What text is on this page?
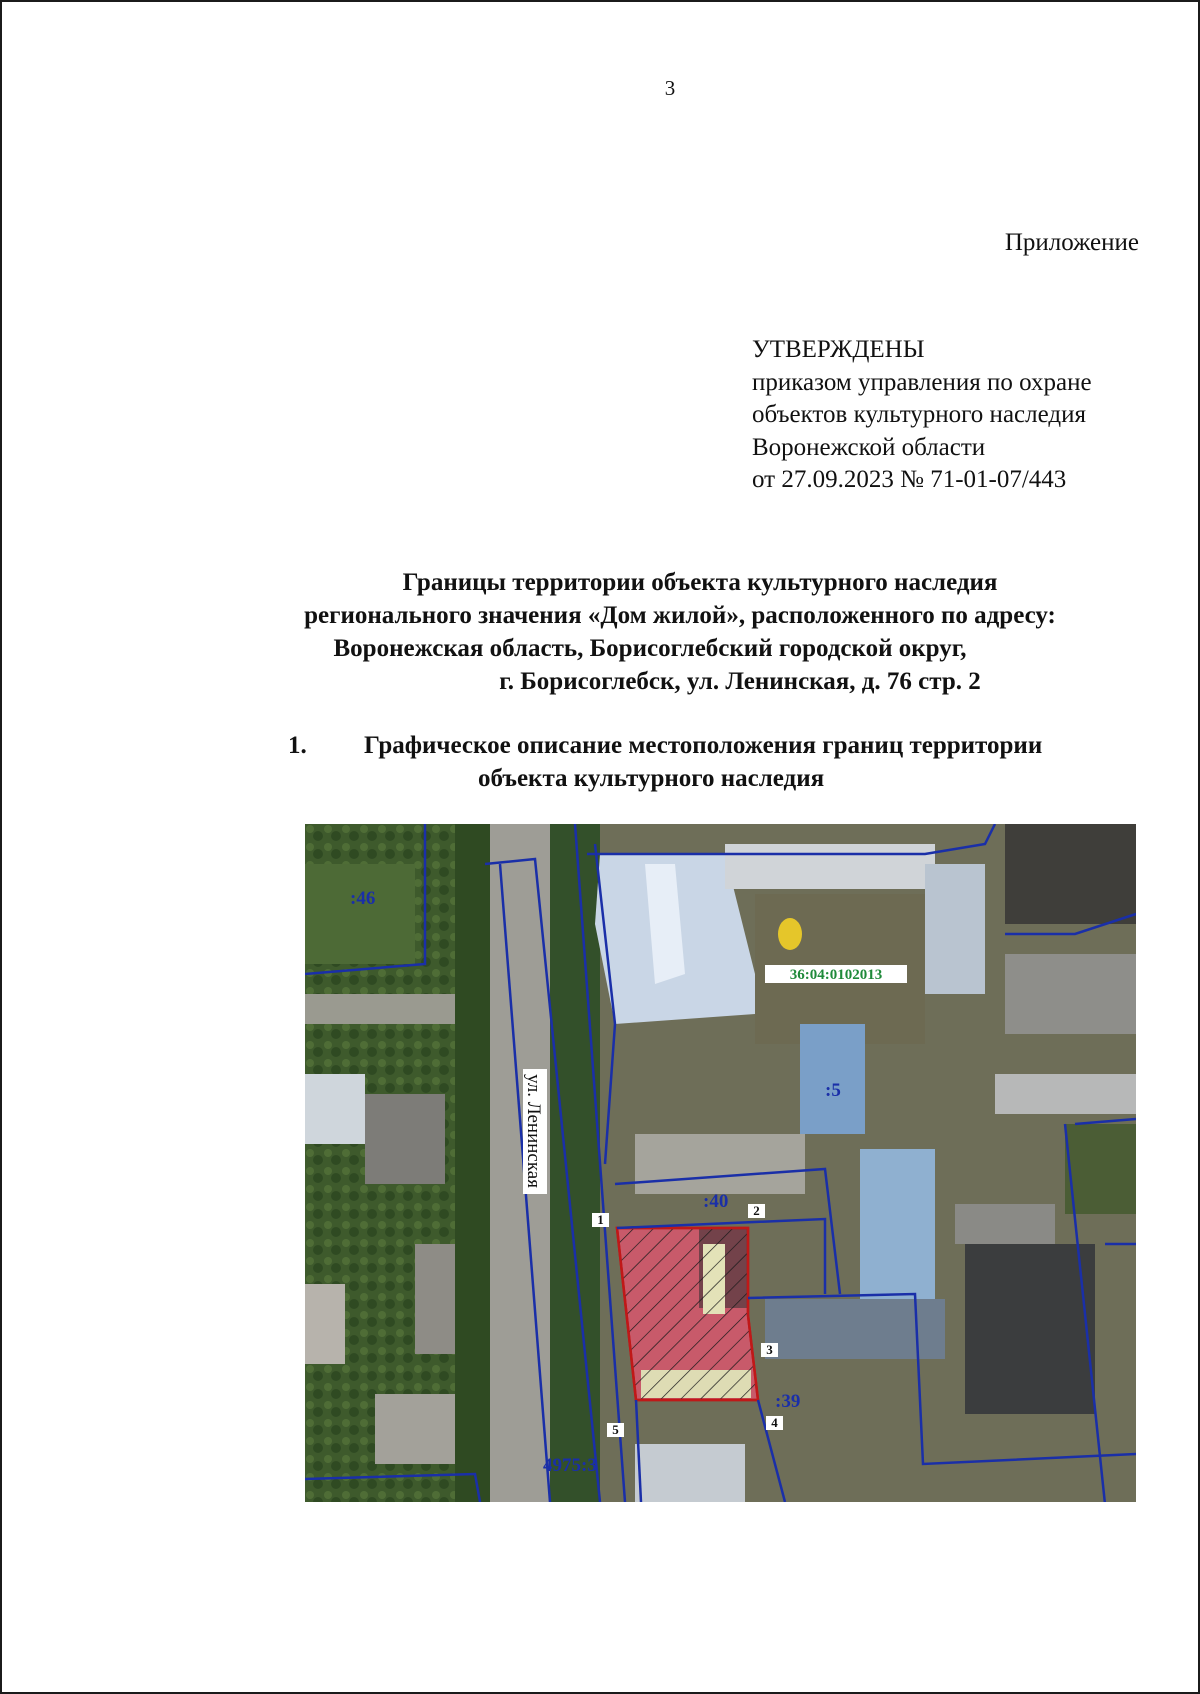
3
Приложение
УТВЕРЖДЕНЫ
приказом управления по охране
объектов культурного наследия
Воронежской области
от 27.09.2023 № 71-01-07/443
Границы территории объекта культурного наследия
регионального значения «Дом жилой», расположенного по адресу:
Воронежская область, Борисоглебский городской округ,
г. Борисоглебск, ул. Ленинская, д. 76 стр. 2
1. Графическое описание местоположения границ территории
объекта культурного наследия
36:04:0102013
ул. Ленинская
:46
:5
:40
:39
4975:3
1
2
3
4
5
